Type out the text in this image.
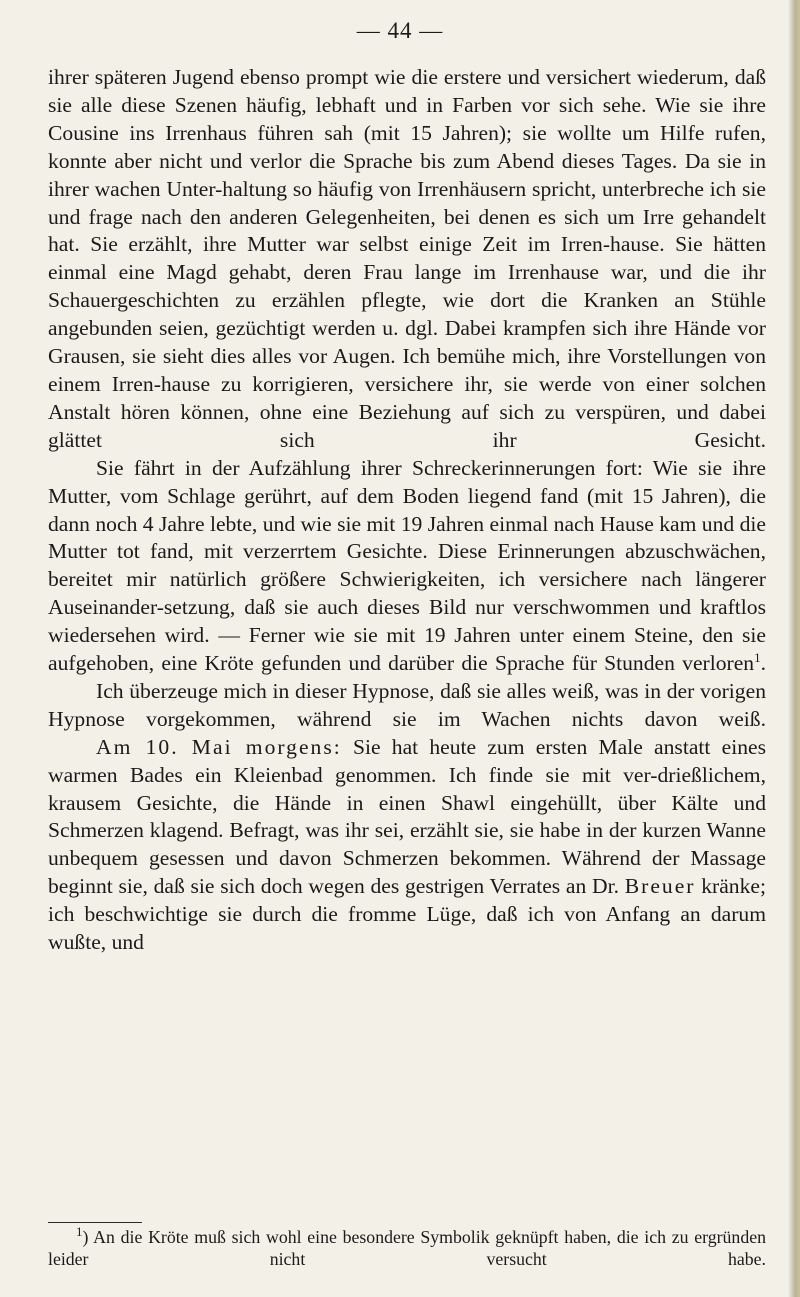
— 44 —

ihrer späteren Jugend ebenso prompt wie die erstere und versichert wiederum, daß sie alle diese Szenen häufig, lebhaft und in Farben vor sich sehe. Wie sie ihre Cousine ins Irrenhaus führen sah (mit 15 Jahren); sie wollte um Hilfe rufen, konnte aber nicht und verlor die Sprache bis zum Abend dieses Tages. Da sie in ihrer wachen Unter-haltung so häufig von Irrenhäusern spricht, unterbreche ich sie und frage nach den anderen Gelegenheiten, bei denen es sich um Irre gehandelt hat. Sie erzählt, ihre Mutter war selbst einige Zeit im Irren-hause. Sie hätten einmal eine Magd gehabt, deren Frau lange im Irrenhause war, und die ihr Schauergeschichten zu erzählen pflegte, wie dort die Kranken an Stühle angebunden seien, gezüchtigt werden u. dgl. Dabei krampfen sich ihre Hände vor Grausen, sie sieht dies alles vor Augen. Ich bemühe mich, ihre Vorstellungen von einem Irren-hause zu korrigieren, versichere ihr, sie werde von einer solchen Anstalt hören können, ohne eine Beziehung auf sich zu verspüren, und dabei glättet sich ihr Gesicht.

Sie fährt in der Aufzählung ihrer Schreckerinnerungen fort: Wie sie ihre Mutter, vom Schlage gerührt, auf dem Boden liegend fand (mit 15 Jahren), die dann noch 4 Jahre lebte, und wie sie mit 19 Jahren einmal nach Hause kam und die Mutter tot fand, mit verzerrtem Gesichte. Diese Erinnerungen abzuschwächen, bereitet mir natürlich größere Schwierigkeiten, ich versichere nach längerer Auseinander-setzung, daß sie auch dieses Bild nur verschwommen und kraftlos wiedersehen wird. — Ferner wie sie mit 19 Jahren unter einem Steine, den sie aufgehoben, eine Kröte gefunden und darüber die Sprache für Stunden verloren$^1$.

Ich überzeuge mich in dieser Hypnose, daß sie alles weiß, was in der vorigen Hypnose vorgekommen, während sie im Wachen nichts davon weiß.

Am 10. Mai morgens: Sie hat heute zum ersten Male anstatt eines warmen Bades ein Kleienbad genommen. Ich finde sie mit ver-drießlichem, krausem Gesichte, die Hände in einen Shawl eingehüllt, über Kälte und Schmerzen klagend. Befragt, was ihr sei, erzählt sie, sie habe in der kurzen Wanne unbequem gesessen und davon Schmerzen bekommen. Während der Massage beginnt sie, daß sie sich doch wegen des gestrigen Verrates an Dr. Breuer kränke; ich beschwichtige sie durch die fromme Lüge, daß ich von Anfang an darum wußte, und

$^1$) An die Kröte muß sich wohl eine besondere Symbolik geknüpft haben, die ich zu ergründen leider nicht versucht habe.
